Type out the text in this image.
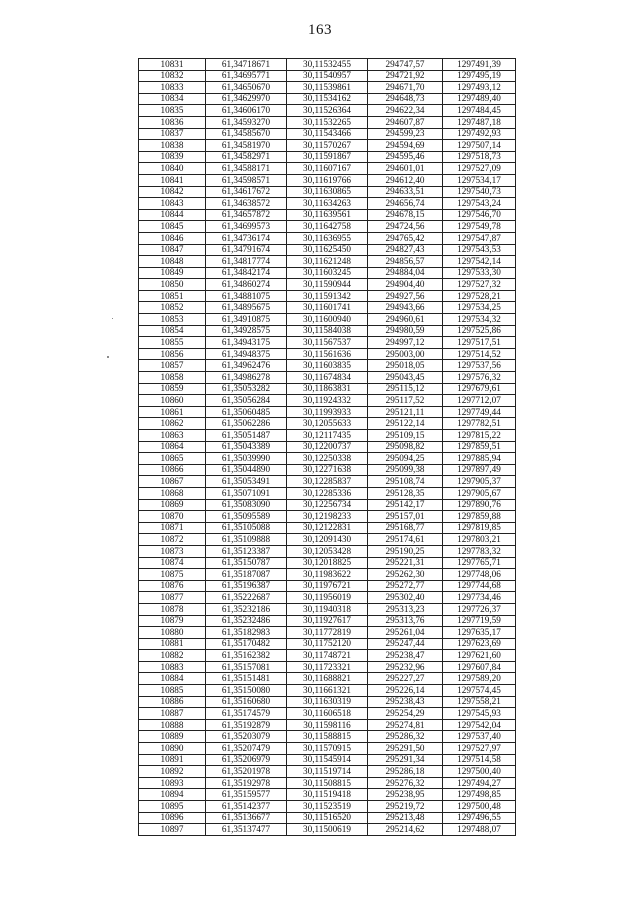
163
10831	61,34718671	30,11532455	294747,57	1297491,39
10832	61,34695771	30,11540957	294721,92	1297495,19
10833	61,34650670	30,11539861	294671,70	1297493,12
10834	61,34629970	30,11534162	294648,73	1297489,40
10835	61,34606170	30,11526364	294622,34	1297484,45
10836	61,34593270	30,11532265	294607,87	1297487,18
10837	61,34585670	30,11543466	294599,23	1297492,93
10838	61,34581970	30,11570267	294594,69	1297507,14
10839	61,34582971	30,11591867	294595,46	1297518,73
10840	61,34588171	30,11607167	294601,01	1297527,09
10841	61,34598571	30,11619766	294612,40	1297534,17
10842	61,34617672	30,11630865	294633,51	1297540,73
10843	61,34638572	30,11634263	294656,74	1297543,24
10844	61,34657872	30,11639561	294678,15	1297546,70
10845	61,34699573	30,11642758	294724,56	1297549,78
10846	61,34736174	30,11636955	294765,42	1297547,87
10847	61,34791674	30,11625450	294827,43	1297543,53
10848	61,34817774	30,11621248	294856,57	1297542,14
10849	61,34842174	30,11603245	294884,04	1297533,30
10850	61,34860274	30,11590944	294904,40	1297527,32
10851	61,34881075	30,11591342	294927,56	1297528,21
10852	61,34895675	30,11601741	294943,66	1297534,25
10853	61,34910875	30,11600940	294960,61	1297534,32
10854	61,34928575	30,11584038	294980,59	1297525,86
10855	61,34943175	30,11567537	294997,12	1297517,51
10856	61,34948375	30,11561636	295003,00	1297514,52
10857	61,34962476	30,11603835	295018,05	1297537,56
10858	61,34986278	30,11674834	295043,45	1297576,32
10859	61,35053282	30,11863831	295115,12	1297679,61
10860	61,35056284	30,11924332	295117,52	1297712,07
10861	61,35060485	30,11993933	295121,11	1297749,44
10862	61,35062286	30,12055633	295122,14	1297782,51
10863	61,35051487	30,12117435	295109,15	1297815,22
10864	61,35043389	30,12200737	295098,82	1297859,51
10865	61,35039990	30,12250338	295094,25	1297885,94
10866	61,35044890	30,12271638	295099,38	1297897,49
10867	61,35053491	30,12285837	295108,74	1297905,37
10868	61,35071091	30,12285336	295128,35	1297905,67
10869	61,35083090	30,12256734	295142,17	1297890,76
10870	61,35095589	30,12198233	295157,01	1297859,88
10871	61,35105088	30,12122831	295168,77	1297819,85
10872	61,35109888	30,12091430	295174,61	1297803,21
10873	61,35123387	30,12053428	295190,25	1297783,32
10874	61,35150787	30,12018825	295221,31	1297765,71
10875	61,35187087	30,11983622	295262,30	1297748,06
10876	61,35196387	30,11976721	295272,77	1297744,68
10877	61,35222687	30,11956019	295302,40	1297734,46
10878	61,35232186	30,11940318	295313,23	1297726,37
10879	61,35232486	30,11927617	295313,76	1297719,59
10880	61,35182983	30,11772819	295261,04	1297635,17
10881	61,35170482	30,11752120	295247,44	1297623,69
10882	61,35162382	30,11748721	295238,47	1297621,60
10883	61,35157081	30,11723321	295232,96	1297607,84
10884	61,35151481	30,11688821	295227,27	1297589,20
10885	61,35150080	30,11661321	295226,14	1297574,45
10886	61,35160680	30,11630319	295238,43	1297558,21
10887	61,35174579	30,11606518	295254,29	1297545,93
10888	61,35192879	30,11598116	295274,81	1297542,04
10889	61,35203079	30,11588815	295286,32	1297537,40
10890	61,35207479	30,11570915	295291,50	1297527,97
10891	61,35206979	30,11545914	295291,34	1297514,58
10892	61,35201978	30,11519714	295286,18	1297500,40
10893	61,35192978	30,11508815	295276,32	1297494,27
10894	61,35159577	30,11519418	295238,95	1297498,85
10895	61,35142377	30,11523519	295219,72	1297500,48
10896	61,35136677	30,11516520	295213,48	1297496,55
10897	61,35137477	30,11500619	295214,62	1297488,07
